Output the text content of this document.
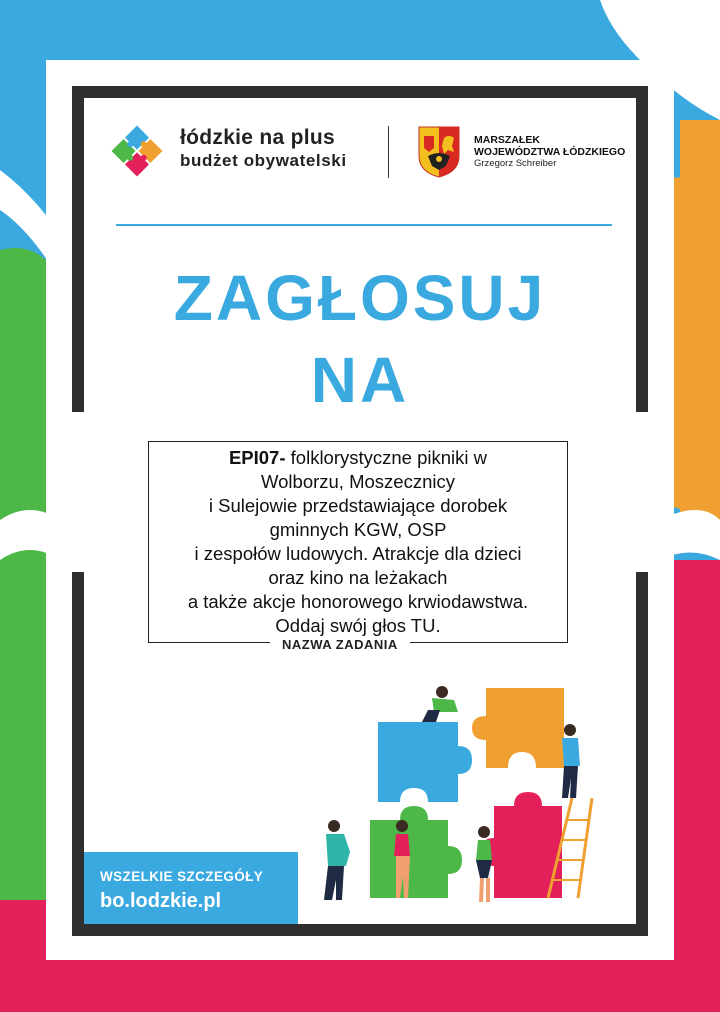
łódzkie na plus
budżet obywatelski
MARSZAŁEK
WOJEWÓDZTWA ŁÓDZKIEGO
Grzegorz Schreiber
ZAGŁOSUJ
NA
EPI07- folklorystyczne pikniki w
Wolborzu, Moszecznicy
i Sulejowie przedstawiające dorobek
gminnych KGW, OSP
i zespołów ludowych. Atrakcje dla dzieci
oraz kino na leżakach
a także akcje honorowego krwiodawstwa.
Oddaj swój głos TU.
NAZWA ZADANIA
WSZELKIE SZCZEGÓŁY
bo.lodzkie.pl
